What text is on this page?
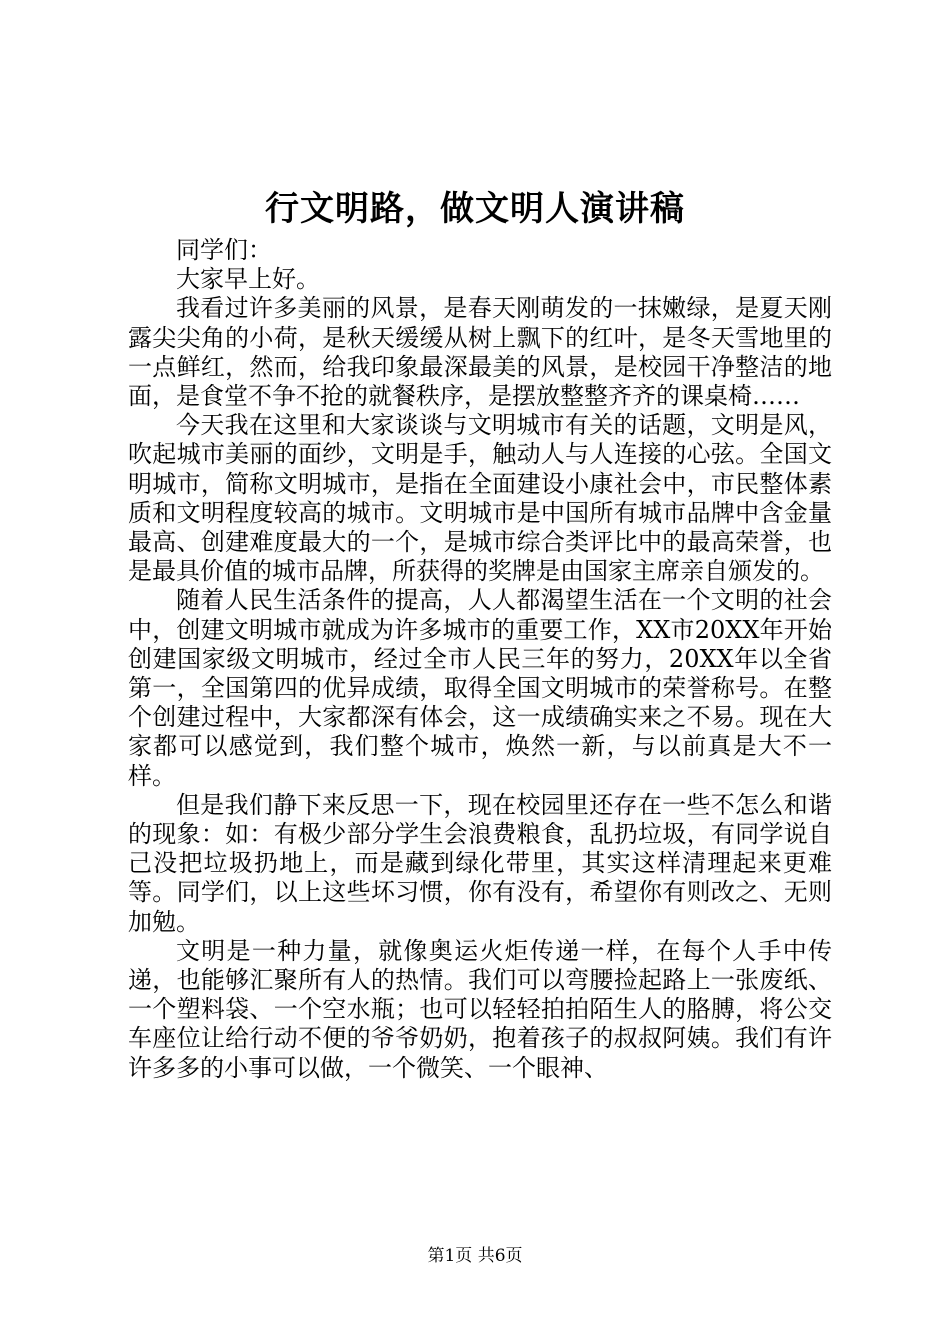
行文明路，做文明人演讲稿

同学们：

大家早上好。

我看过许多美丽的风景，是春天刚萌发的一抹嫩绿，是夏天刚露尖尖角的小荷，是秋天缓缓从树上飘下的红叶，是冬天雪地里的一点鲜红，然而，给我印象最深最美的风景，是校园干净整洁的地面，是食堂不争不抢的就餐秩序，是摆放整整齐齐的课桌椅……

今天我在这里和大家谈谈与文明城市有关的话题，文明是风，吹起城市美丽的面纱，文明是手，触动人与人连接的心弦。全国文明城市，简称文明城市，是指在全面建设小康社会中，市民整体素质和文明程度较高的城市。文明城市是中国所有城市品牌中含金量最高、创建难度最大的一个，是城市综合类评比中的最高荣誉，也是最具价值的城市品牌，所获得的奖牌是由国家主席亲自颁发的。

随着人民生活条件的提高，人人都渴望生活在一个文明的社会中，创建文明城市就成为许多城市的重要工作，XX市20XX年开始创建国家级文明城市，经过全市人民三年的努力，20XX年以全省第一，全国第四的优异成绩，取得全国文明城市的荣誉称号。在整个创建过程中，大家都深有体会，这一成绩确实来之不易。现在大家都可以感觉到，我们整个城市，焕然一新，与以前真是大不一样。

但是我们静下来反思一下，现在校园里还存在一些不怎么和谐的现象：如：有极少部分学生会浪费粮食，乱扔垃圾，有同学说自己没把垃圾扔地上，而是藏到绿化带里，其实这样清理起来更难等。同学们，以上这些坏习惯，你有没有，希望你有则改之、无则加勉。

文明是一种力量，就像奥运火炬传递一样，在每个人手中传递，也能够汇聚所有人的热情。我们可以弯腰捡起路上一张废纸、一个塑料袋、一个空水瓶；也可以轻轻拍拍陌生人的胳膊，将公交车座位让给行动不便的爷爷奶奶，抱着孩子的叔叔阿姨。我们有许许多多的小事可以做，一个微笑、一个眼神、

第1页 共6页
